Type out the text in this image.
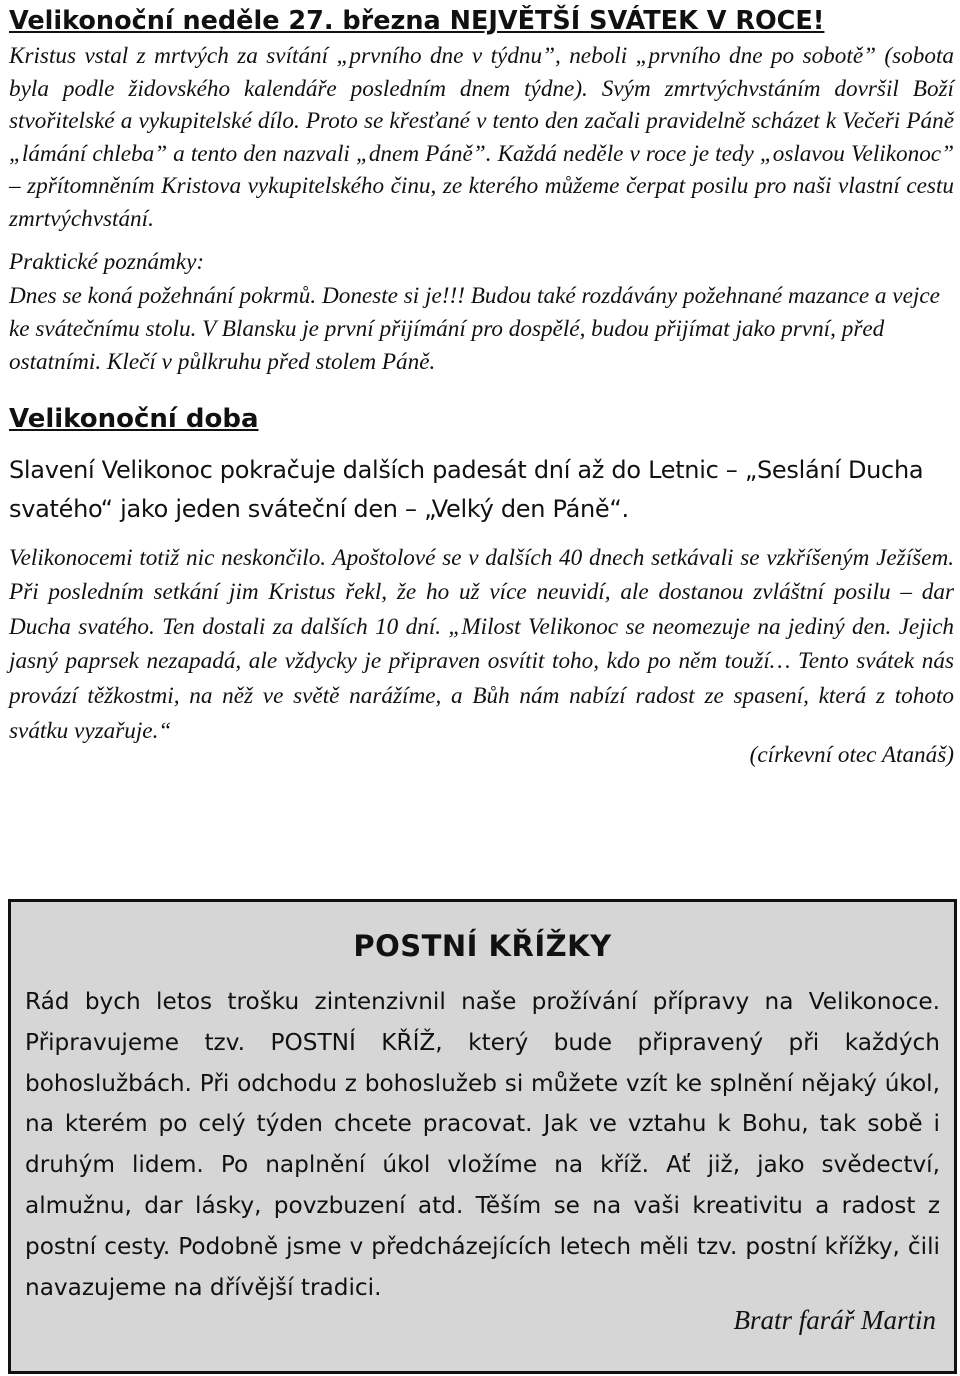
Velikonoční neděle 27. března NEJVĚTŠÍ SVÁTEK V ROCE!

Kristus vstal z mrtvých za svítání „prvního dne v týdnu”, neboli „prvního dne po sobotě” (sobota byla podle židovského kalendáře posledním dnem týdne). Svým zmrtvýchvstáním dovršil Boží stvořitelské a vykupitelské dílo. Proto se křesťané v tento den začali pravidelně scházet k Večeři Páně „lámání chleba” a tento den nazvali „dnem Páně”. Každá neděle v roce je tedy „oslavou Velikonoc” – zpřítomněním Kristova vykupitelského činu, ze kterého můžeme čerpat posilu pro naši vlastní cestu zmrtvýchvstání.

Praktické poznámky:

Dnes se koná požehnání pokrmů. Doneste si je!!! Budou také rozdávány požehnané mazance a vejce ke svátečnímu stolu. V Blansku je první přijímání pro dospělé, budou přijímat jako první, před ostatními. Klečí v půlkruhu před stolem Páně.

Velikonoční doba

Slavení Velikonoc pokračuje dalších padesát dní až do Letnic – „Seslání Ducha svatého“ jako jeden sváteční den – „Velký den Páně“.

Velikonocemi totiž nic neskončilo. Apoštolové se v dalších 40 dnech setkávali se vzkříšeným Ježíšem. Při posledním setkání jim Kristus řekl, že ho už více neuvidí, ale dostanou zvláštní posilu – dar Ducha svatého. Ten dostali za dalších 10 dní. „Milost Velikonoc se neomezuje na jediný den. Jejich jasný paprsek nezapadá, ale vždycky je připraven osvítit toho, kdo po něm touží… Tento svátek nás provází těžkostmi, na něž ve světě narážíme, a Bůh nám nabízí radost ze spasení, která z tohoto svátku vyzařuje.“

(církevní otec Atanáš)

POSTNÍ KŘÍŽKY

Rád bych letos trošku zintenzivnil naše prožívání přípravy na Velikonoce. Připravujeme tzv. POSTNÍ KŘÍŽ, který bude připravený při každých bohoslužbách. Při odchodu z bohoslužeb si můžete vzít ke splnění nějaký úkol, na kterém po celý týden chcete pracovat. Jak ve vztahu k Bohu, tak sobě i druhým lidem. Po naplnění úkol vložíme na kříž. Ať již, jako svědectví, almužnu, dar lásky, povzbuzení atd. Těším se na vaši kreativitu a radost z postní cesty. Podobně jsme v předcházejících letech měli tzv. postní křížky, čili navazujeme na dřívější tradici.

Bratr farář Martin
